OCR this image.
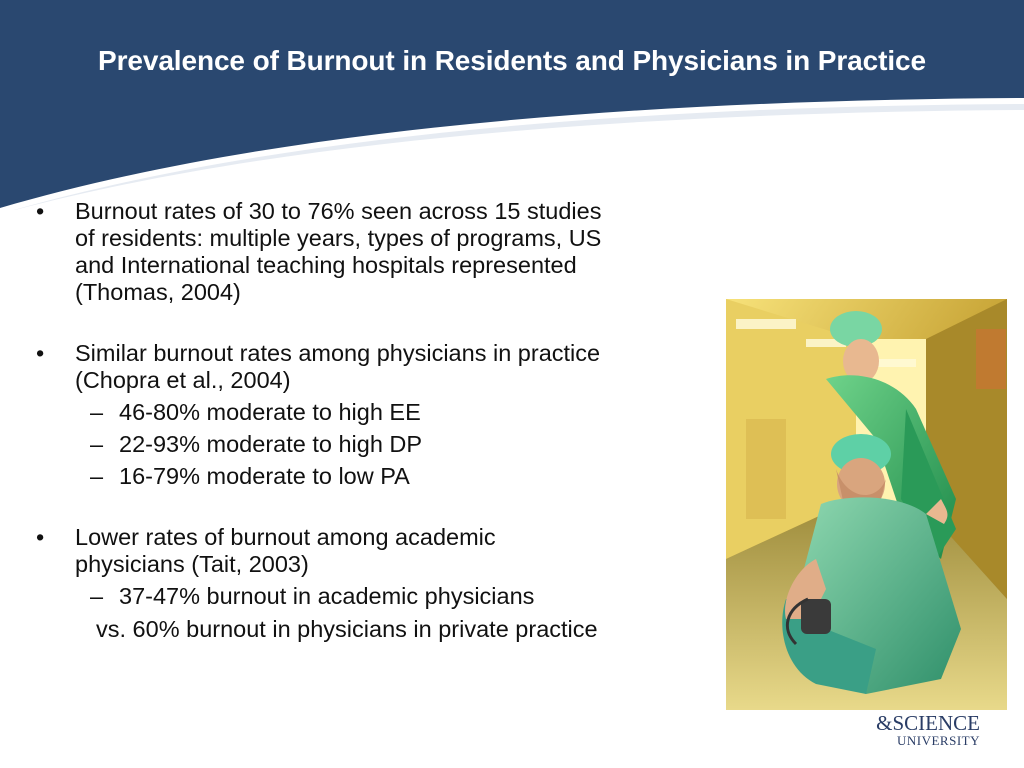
Prevalence of Burnout in Residents and Physicians in Practice
• Burnout rates of 30 to 76% seen across 15 studies
of residents: multiple years, types of programs, US
and International teaching hospitals represented
(Thomas, 2004)
• Similar burnout rates among physicians in practice
(Chopra et al., 2004)
– 46-80% moderate to high EE
– 22-93% moderate to high DP
– 16-79% moderate to low PA
• Lower rates of burnout among academic
physicians (Tait, 2003)
– 37-47% burnout in academic physicians
vs. 60% burnout in physicians in private practice
&SCIENCE
UNIVERSITY
